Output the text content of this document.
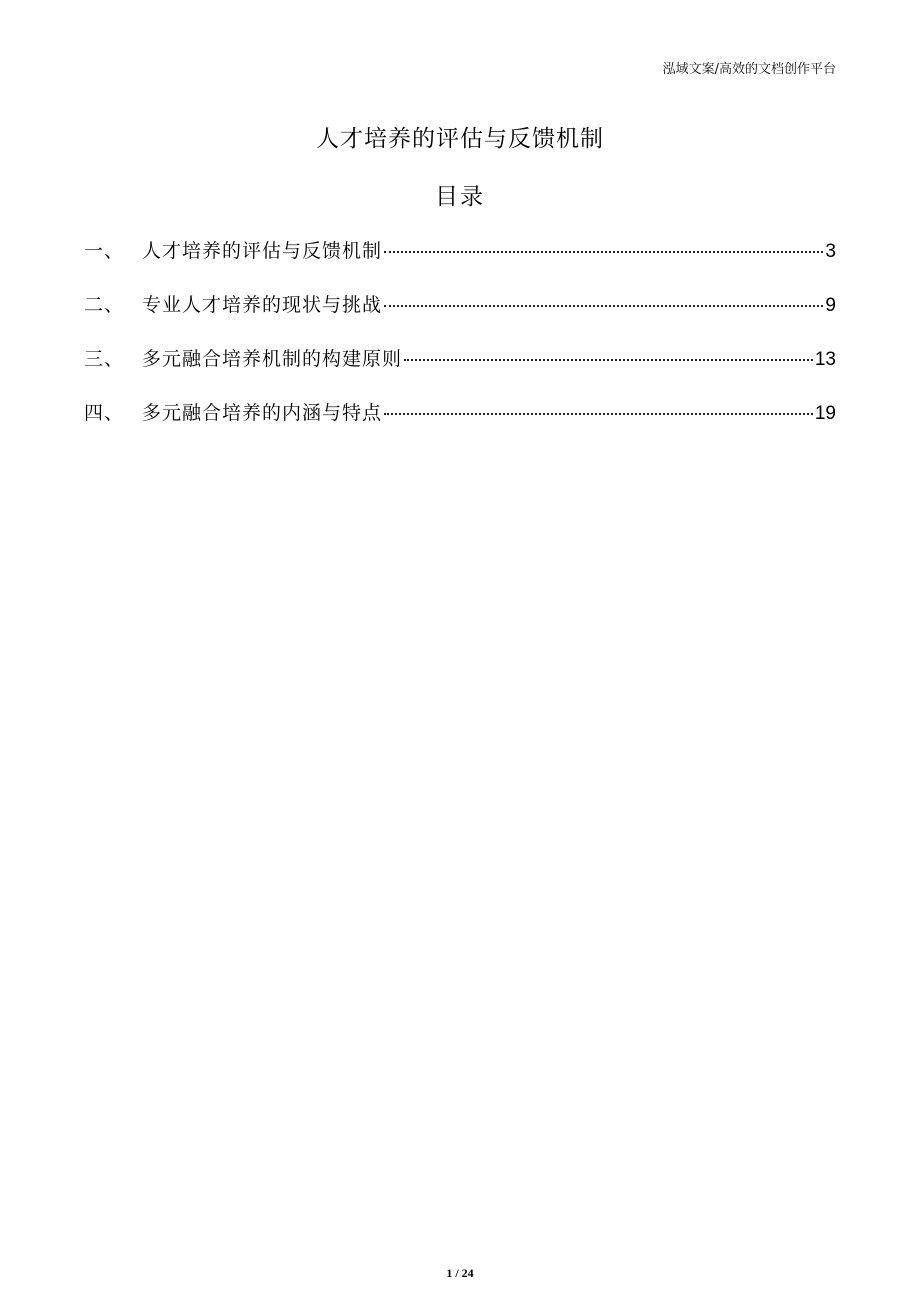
泓域文案/高效的文档创作平台
人才培养的评估与反馈机制
目录
一、 人才培养的评估与反馈机制	3
二、 专业人才培养的现状与挑战	9
三、 多元融合培养机制的构建原则	13
四、 多元融合培养的内涵与特点	19
1 / 24
